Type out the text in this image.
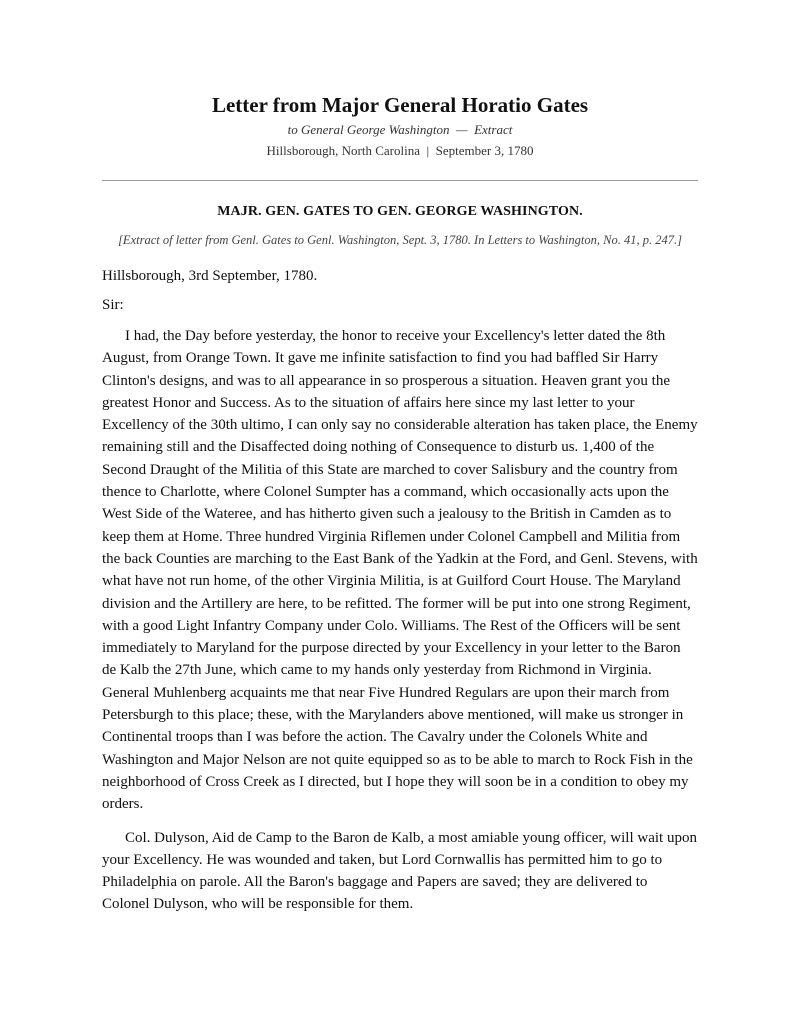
Letter from Major General Horatio Gates
to General George Washington  —  Extract
Hillsborough, North Carolina  |  September 3, 1780
MAJR. GEN. GATES TO GEN. GEORGE WASHINGTON.
[Extract of letter from Genl. Gates to Genl. Washington, Sept. 3, 1780. In Letters to Washington, No. 41, p. 247.]
Hillsborough, 3rd September, 1780.
Sir:

I had, the Day before yesterday, the honor to receive your Excellency's letter dated the 8th August, from Orange Town. It gave me infinite satisfaction to find you had baffled Sir Harry Clinton's designs, and was to all appearance in so prosperous a situation. Heaven grant you the greatest Honor and Success. As to the situation of affairs here since my last letter to your Excellency of the 30th ultimo, I can only say no considerable alteration has taken place, the Enemy remaining still and the Disaffected doing nothing of Consequence to disturb us. 1,400 of the Second Draught of the Militia of this State are marched to cover Salisbury and the country from thence to Charlotte, where Colonel Sumpter has a command, which occasionally acts upon the West Side of the Wateree, and has hitherto given such a jealousy to the British in Camden as to keep them at Home. Three hundred Virginia Riflemen under Colonel Campbell and Militia from the back Counties are marching to the East Bank of the Yadkin at the Ford, and Genl. Stevens, with what have not run home, of the other Virginia Militia, is at Guilford Court House. The Maryland division and the Artillery are here, to be refitted. The former will be put into one strong Regiment, with a good Light Infantry Company under Colo. Williams. The Rest of the Officers will be sent immediately to Maryland for the purpose directed by your Excellency in your letter to the Baron de Kalb the 27th June, which came to my hands only yesterday from Richmond in Virginia. General Muhlenberg acquaints me that near Five Hundred Regulars are upon their march from Petersburgh to this place; these, with the Marylanders above mentioned, will make us stronger in Continental troops than I was before the action. The Cavalry under the Colonels White and Washington and Major Nelson are not quite equipped so as to be able to march to Rock Fish in the neighborhood of Cross Creek as I directed, but I hope they will soon be in a condition to obey my orders.

Col. Dulyson, Aid de Camp to the Baron de Kalb, a most amiable young officer, will wait upon your Excellency. He was wounded and taken, but Lord Cornwallis has permitted him to go to Philadelphia on parole. All the Baron's baggage and Papers are saved; they are delivered to Colonel Dulyson, who will be responsible for them.
